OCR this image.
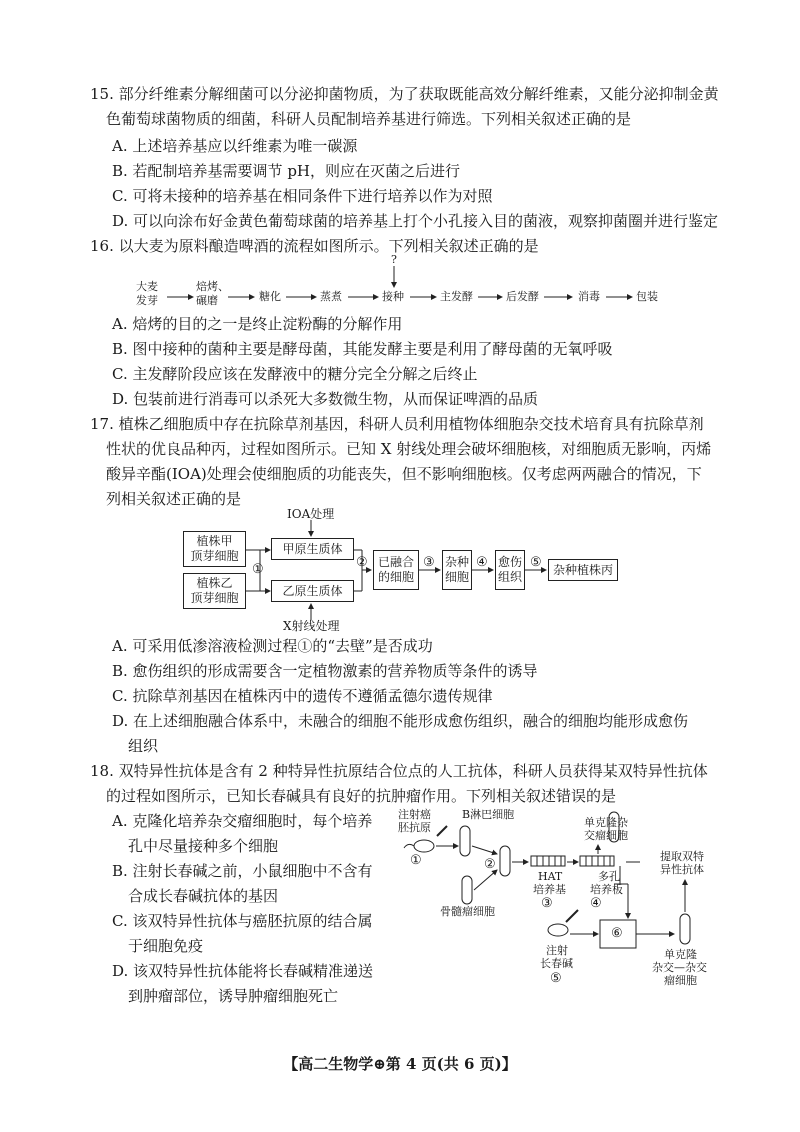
15. 部分纤维素分解细菌可以分泌抑菌物质，为了获取既能高效分解纤维素，又能分泌抑制金黄

色葡萄球菌物质的细菌，科研人员配制培养基进行筛选。下列相关叙述正确的是

A. 上述培养基应以纤维素为唯一碳源

B. 若配制培养基需要调节 pH，则应在灭菌之后进行

C. 可将未接种的培养基在相同条件下进行培养以作为对照

D. 可以向涂布好金黄色葡萄球菌的培养基上打个小孔接入目的菌液，观察抑菌圈并进行鉴定

16. 以大麦为原料酿造啤酒的流程如图所示。下列相关叙述正确的是

大麦
发芽
焙烤、
碾磨	糖化	蒸煮	接种
?
主发酵	后发酵	消毒	包装

A. 焙烤的目的之一是终止淀粉酶的分解作用

B. 图中接种的菌种主要是酵母菌，其能发酵主要是利用了酵母菌的无氧呼吸

C. 主发酵阶段应该在发酵液中的糖分完全分解之后终止

D. 包装前进行消毒可以杀死大多数微生物，从而保证啤酒的品质

17. 植株乙细胞质中存在抗除草剂基因，科研人员利用植物体细胞杂交技术培育具有抗除草剂

性状的优良品种丙，过程如图所示。已知 X 射线处理会破坏细胞核，对细胞质无影响，丙烯

酸异辛酯(IOA)处理会使细胞质的功能丧失，但不影响细胞核。仅考虑两两融合的情况，下

列相关叙述正确的是

IOA处理
X射线处理
植株甲
顶芽细胞
植株乙
顶芽细胞
①
甲原生质体
乙原生质体
② 已融合
的细胞
③ 杂种
细胞
④ 愈伤
组织
⑤ 杂种植株丙

A. 可采用低渗溶液检测过程①的“去壁”是否成功

B. 愈伤组织的形成需要含一定植物激素的营养物质等条件的诱导

C. 抗除草剂基因在植株丙中的遗传不遵循孟德尔遗传规律

D. 在上述细胞融合体系中，未融合的细胞不能形成愈伤组织，融合的细胞均能形成愈伤

组织

18. 双特异性抗体是含有 2 种特异性抗原结合位点的人工抗体，科研人员获得某双特异性抗体

的过程如图所示，已知长春碱具有良好的抗肿瘤作用。下列相关叙述错误的是

A. 克隆化培养杂交瘤细胞时，每个培养

孔中尽量接种多个细胞

B. 注射长春碱之前，小鼠细胞中不含有

合成长春碱抗体的基因

C. 该双特异性抗体与癌胚抗原的结合属

于细胞免疫

D. 该双特异性抗体能将长春碱精准递送

到肿瘤部位，诱导肿瘤细胞死亡

注射癌
胚抗原
①
B淋巴细胞
②
骨髓瘤细胞
HAT
培养基
③
单克隆杂
交瘤细胞
多孔
培养板
④
提取双特
异性抗体
注射
长春碱
⑤
⑥
单克隆
杂交—杂交
瘤细胞
【高二生物学⊕第 4 页(共 6 页)】
